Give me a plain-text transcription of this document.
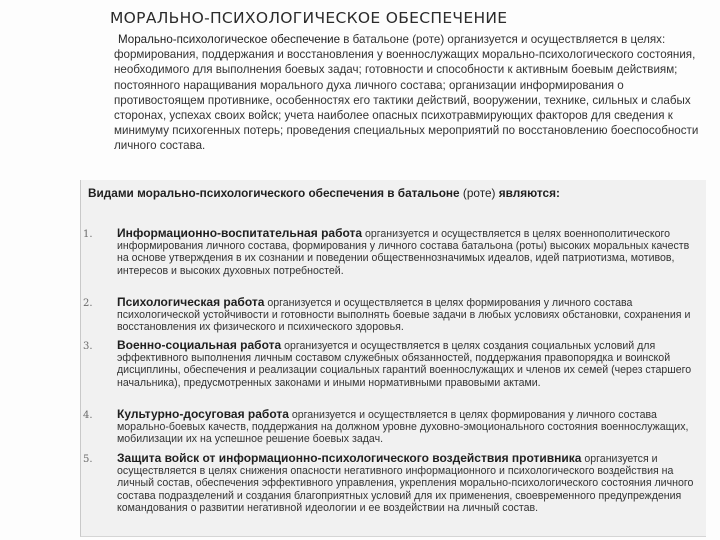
МОРАЛЬНО-ПСИХОЛОГИЧЕСКОЕ ОБЕСПЕЧЕНИЕ
Морально-психологическое обеспечение в батальоне (роте) организуется и осуществляется в целях: формирования, поддержания и восстановления у военнослужащих морально-психологического состояния, необходимого для выполнения боевых задач; готовности и способности к активным боевым действиям; постоянного наращивания морального духа личного состава; организации информирования о противостоящем противнике, особенностях его тактики действий, вооружении, технике, сильных и слабых сторонах, успехах своих войск; учета наиболее опасных психотравмирующих факторов для сведения к минимуму психогенных потерь; проведения специальных мероприятий по восстановлению боеспособности личного состава.
Видами морально-психологического обеспечения в батальоне (роте) являются:
1. Информационно-воспитательная работа организуется и осуществляется в целях военнополитического информирования личного состава, формирования у личного состава батальона (роты) высоких моральных качеств на основе утверждения в их сознании и поведении общественнозначимых идеалов, идей патриотизма, мотивов, интересов и высоких духовных потребностей.
2. Психологическая работа организуется и осуществляется в целях формирования у личного состава психологической устойчивости и готовности выполнять боевые задачи в любых условиях обстановки, сохранения и восстановления их физического и психического здоровья.
3. Военно-социальная работа организуется и осуществляется в целях создания социальных условий для эффективного выполнения личным составом служебных обязанностей, поддержания правопорядка и воинской дисциплины, обеспечения и реализации социальных гарантий военнослужащих и членов их семей (через старшего начальника), предусмотренных законами и иными нормативными правовыми актами.
4. Культурно-досуговая работа организуется и осуществляется в целях формирования у личного состава морально-боевых качеств, поддержания на должном уровне духовно-эмоционального состояния военнослужащих, мобилизации их на успешное решение боевых задач.
5. Защита войск от информационно-психологического воздействия противника организуется и осуществляется в целях снижения опасности негативного информационного и психологического воздействия на личный состав, обеспечения эффективного управления, укрепления морально-психологического состояния личного состава подразделений и создания благоприятных условий для их применения, своевременного предупреждения командования о развитии негативной идеологии и ее воздействии на личный состав.
